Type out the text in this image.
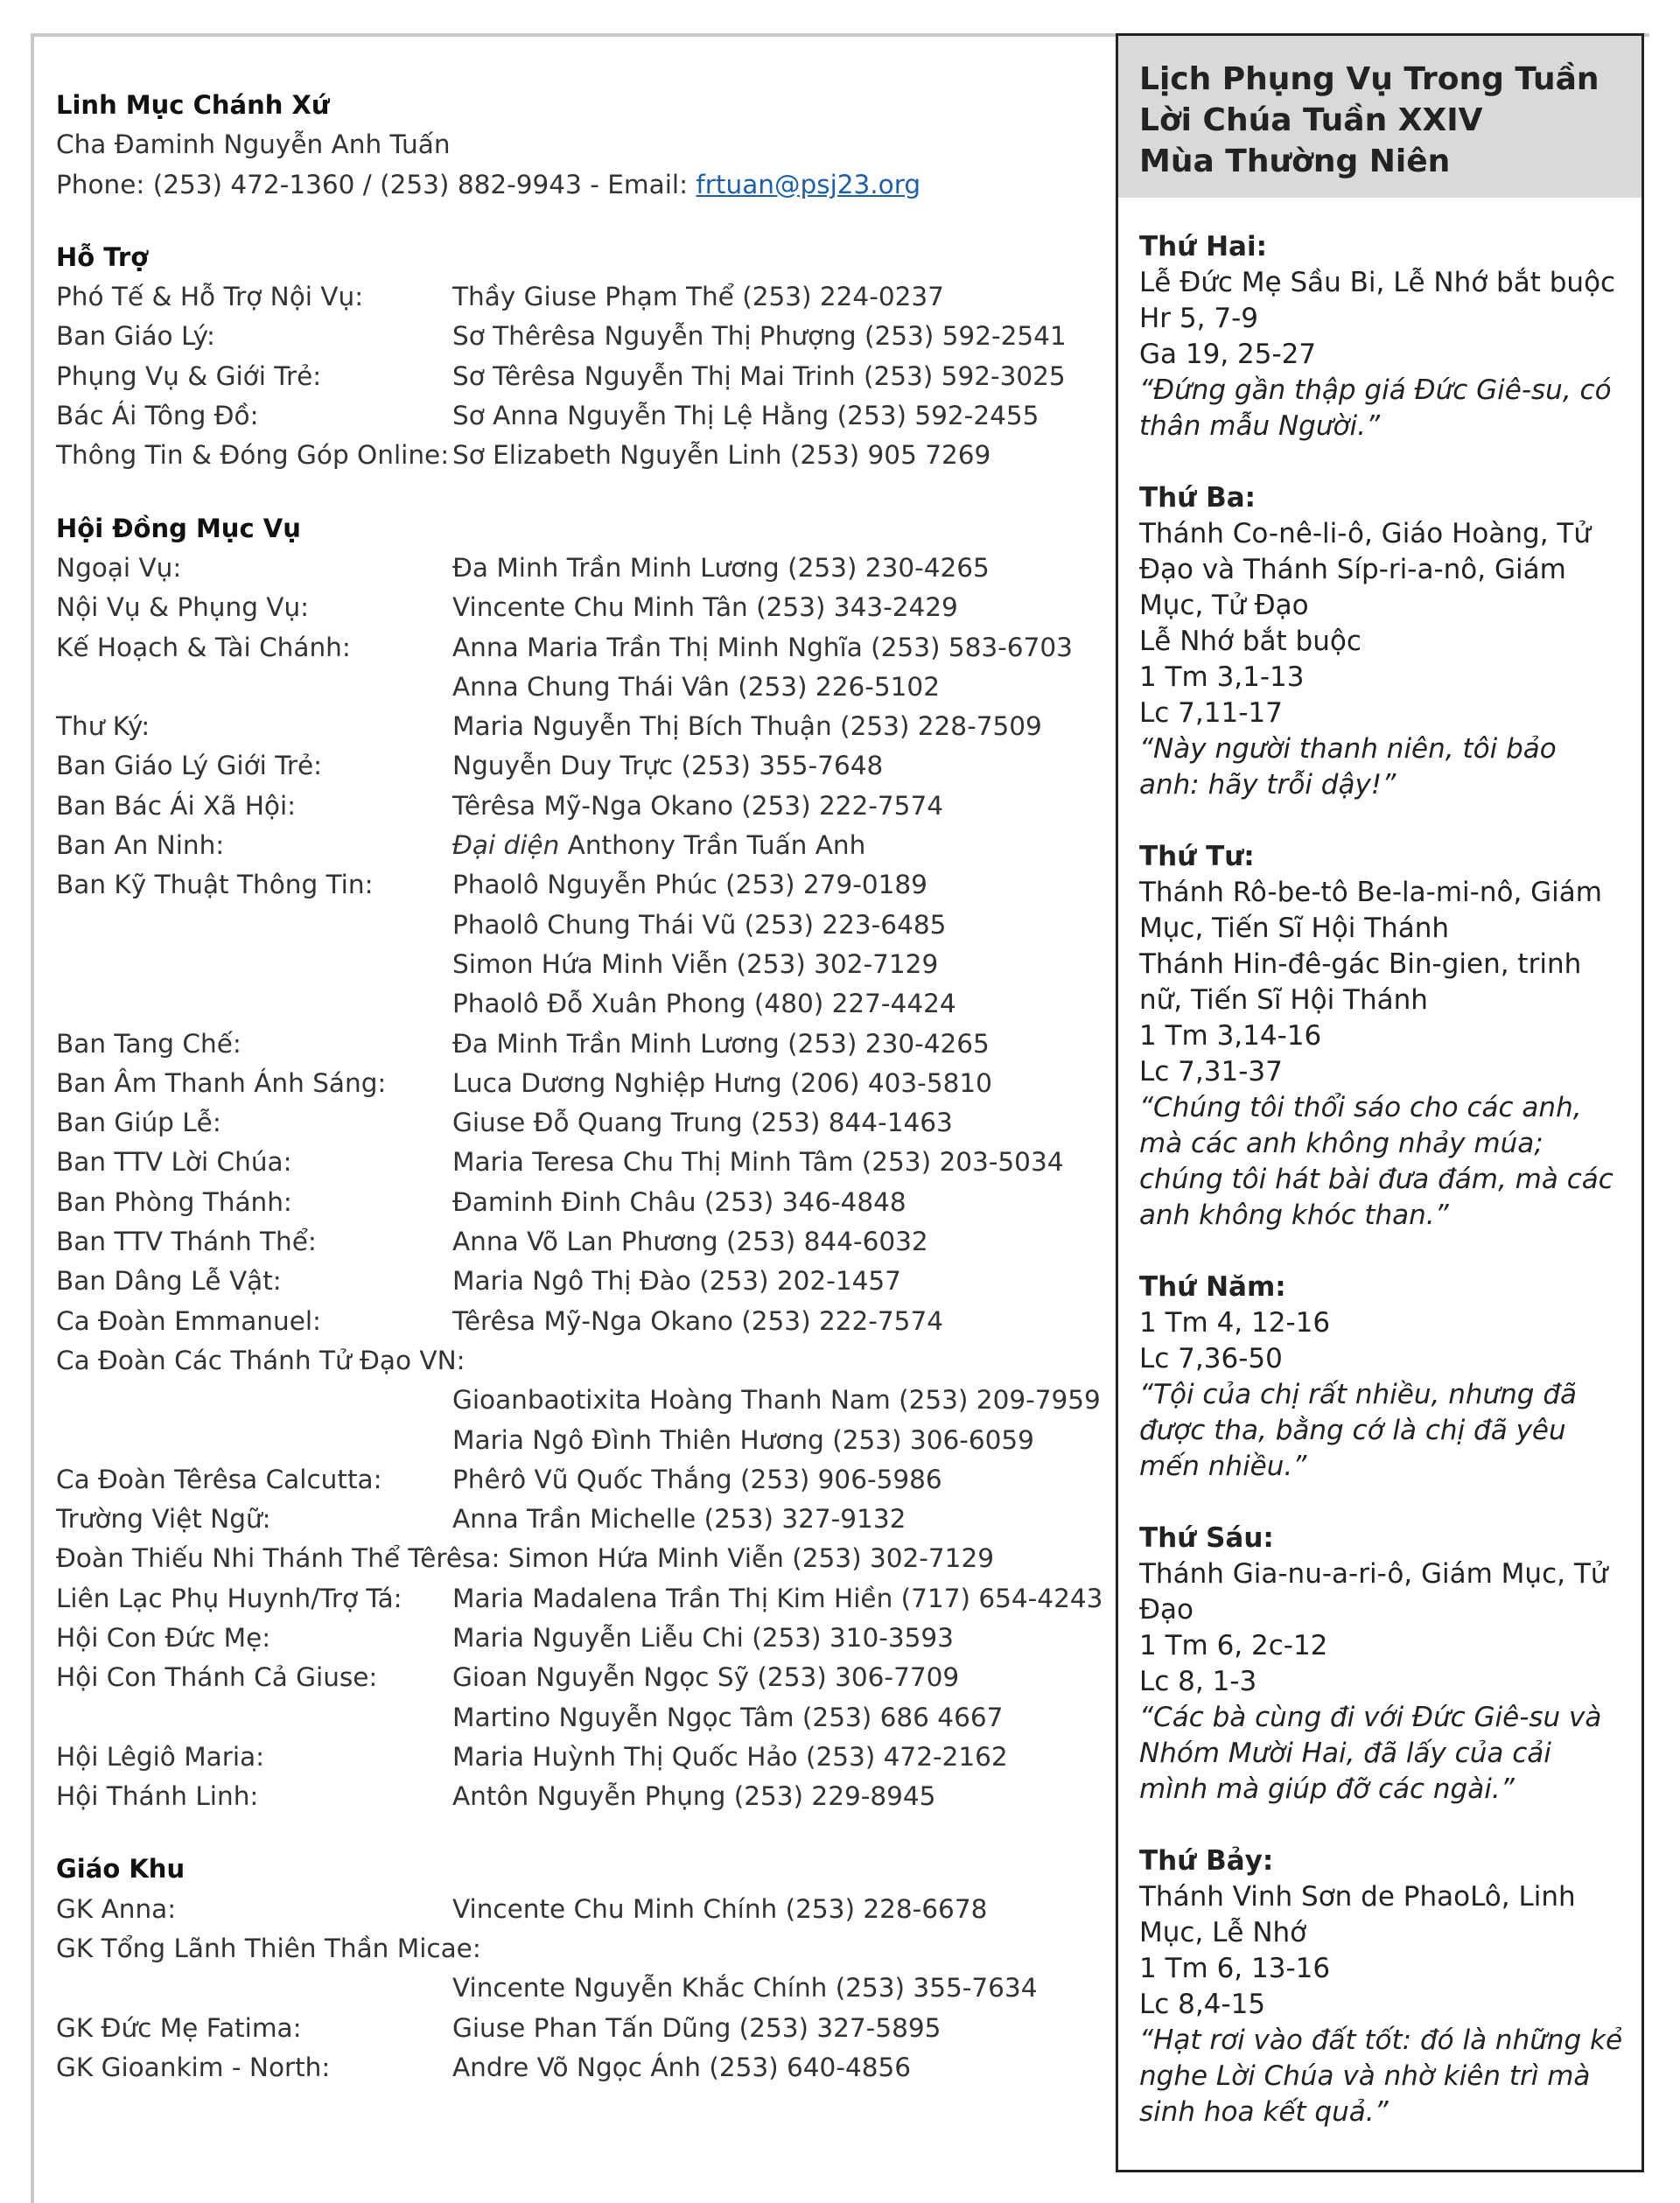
Linh Mục Chánh Xứ
Cha Đaminh Nguyễn Anh Tuấn
Phone: (253) 472-1360 / (253) 882-9943 - Email: frtuan@psj23.org
Hỗ Trợ
Phó Tế & Hỗ Trợ Nội Vụ:	Thầy Giuse Phạm Thể (253) 224-0237
Ban Giáo Lý:	Sơ Thêrêsa Nguyễn Thị Phượng (253) 592-2541
Phụng Vụ & Giới Trẻ:	Sơ Têrêsa Nguyễn Thị Mai Trinh (253) 592-3025
Bác Ái Tông Đồ:	Sơ Anna Nguyễn Thị Lệ Hằng (253) 592-2455
Thông Tin & Đóng Góp Online: Sơ Elizabeth Nguyễn Linh (253) 905 7269
Hội Đồng Mục Vụ
Ngoại Vụ:	Đa Minh Trần Minh Lương (253) 230-4265
Nội Vụ & Phụng Vụ:	Vincente Chu Minh Tân (253) 343-2429
Kế Hoạch & Tài Chánh:	Anna Maria Trần Thị Minh Nghĩa (253) 583-6703
Anna Chung Thái Vân (253) 226-5102
Thư Ký:	Maria Nguyễn Thị Bích Thuận (253) 228-7509
Ban Giáo Lý Giới Trẻ:	Nguyễn Duy Trực (253) 355-7648
Ban Bác Ái Xã Hội:	Têrêsa Mỹ-Nga Okano (253) 222-7574
Ban An Ninh:	Đại diện Anthony Trần Tuấn Anh
Ban Kỹ Thuật Thông Tin:	Phaolô Nguyễn Phúc (253) 279-0189
Phaolô Chung Thái Vũ (253) 223-6485
Simon Hứa Minh Viễn (253) 302-7129
Phaolô Đỗ Xuân Phong (480) 227-4424
Ban Tang Chế:	Đa Minh Trần Minh Lương (253) 230-4265
Ban Âm Thanh Ánh Sáng:	Luca Dương Nghiệp Hưng (206) 403-5810
Ban Giúp Lễ:	Giuse Đỗ Quang Trung (253) 844-1463
Ban TTV Lời Chúa:	Maria Teresa Chu Thị Minh Tâm (253) 203-5034
Ban Phòng Thánh:	Đaminh Đinh Châu (253) 346-4848
Ban TTV Thánh Thể:	Anna Võ Lan Phương (253) 844-6032
Ban Dâng Lễ Vật:	Maria Ngô Thị Đào (253) 202-1457
Ca Đoàn Emmanuel:	Têrêsa Mỹ-Nga Okano (253) 222-7574
Ca Đoàn Các Thánh Tử Đạo VN:
Gioanbaotixita Hoàng Thanh Nam (253) 209-7959
Maria Ngô Đình Thiên Hương (253) 306-6059
Ca Đoàn Têrêsa Calcutta:	Phêrô Vũ Quốc Thắng (253) 906-5986
Trường Việt Ngữ:	Anna Trần Michelle (253) 327-9132
Đoàn Thiếu Nhi Thánh Thể Têrêsa: Simon Hứa Minh Viễn (253) 302-7129
Liên Lạc Phụ Huynh/Trợ Tá:	Maria Madalena Trần Thị Kim Hiền (717) 654-4243
Hội Con Đức Mẹ:	Maria Nguyễn Liễu Chi (253) 310-3593
Hội Con Thánh Cả Giuse:	Gioan Nguyễn Ngọc Sỹ (253) 306-7709
Martino Nguyễn Ngọc Tâm (253) 686 4667
Hội Lêgiô Maria:	Maria Huỳnh Thị Quốc Hảo (253) 472-2162
Hội Thánh Linh:	Antôn Nguyễn Phụng (253) 229-8945
Giáo Khu
GK Anna:	Vincente Chu Minh Chính (253) 228-6678
GK Tổng Lãnh Thiên Thần Micae:
Vincente Nguyễn Khắc Chính (253) 355-7634
GK Đức Mẹ Fatima:	Giuse Phan Tấn Dũng (253) 327-5895
GK Gioankim - North:	Andre Võ Ngọc Ánh (253) 640-4856
Lịch Phụng Vụ Trong Tuần
Lời Chúa Tuần XXIV
Mùa Thường Niên
Thứ Hai:
Lễ Đức Mẹ Sầu Bi, Lễ Nhớ bắt buộc
Hr 5, 7-9
Ga 19, 25-27
“Đứng gần thập giá Đức Giê-su, có thân mẫu Người.”
Thứ Ba:
Thánh Co-nê-li-ô, Giáo Hoàng, Tử Đạo và Thánh Síp-ri-a-nô, Giám Mục, Tử Đạo
Lễ Nhớ bắt buộc
1 Tm 3,1-13
Lc 7,11-17
“Này người thanh niên, tôi bảo anh: hãy trỗi dậy!”
Thứ Tư:
Thánh Rô-be-tô Be-la-mi-nô, Giám Mục, Tiến Sĩ Hội Thánh
Thánh Hin-đê-gác Bin-gien, trinh nữ, Tiến Sĩ Hội Thánh
1 Tm 3,14-16
Lc 7,31-37
“Chúng tôi thổi sáo cho các anh, mà các anh không nhảy múa; chúng tôi hát bài đưa đám, mà các anh không khóc than.”
Thứ Năm:
1 Tm 4, 12-16
Lc 7,36-50
“Tội của chị rất nhiều, nhưng đã được tha, bằng cớ là chị đã yêu mến nhiều.”
Thứ Sáu:
Thánh Gia-nu-a-ri-ô, Giám Mục, Tử Đạo
1 Tm 6, 2c-12
Lc 8, 1-3
“Các bà cùng đi với Đức Giê-su và Nhóm Mười Hai, đã lấy của cải mình mà giúp đỡ các ngài.”
Thứ Bảy:
Thánh Vinh Sơn de PhaoLô, Linh Mục, Lễ Nhớ
1 Tm 6, 13-16
Lc 8,4-15
“Hạt rơi vào đất tốt: đó là những kẻ nghe Lời Chúa và nhờ kiên trì mà sinh hoa kết quả.”
